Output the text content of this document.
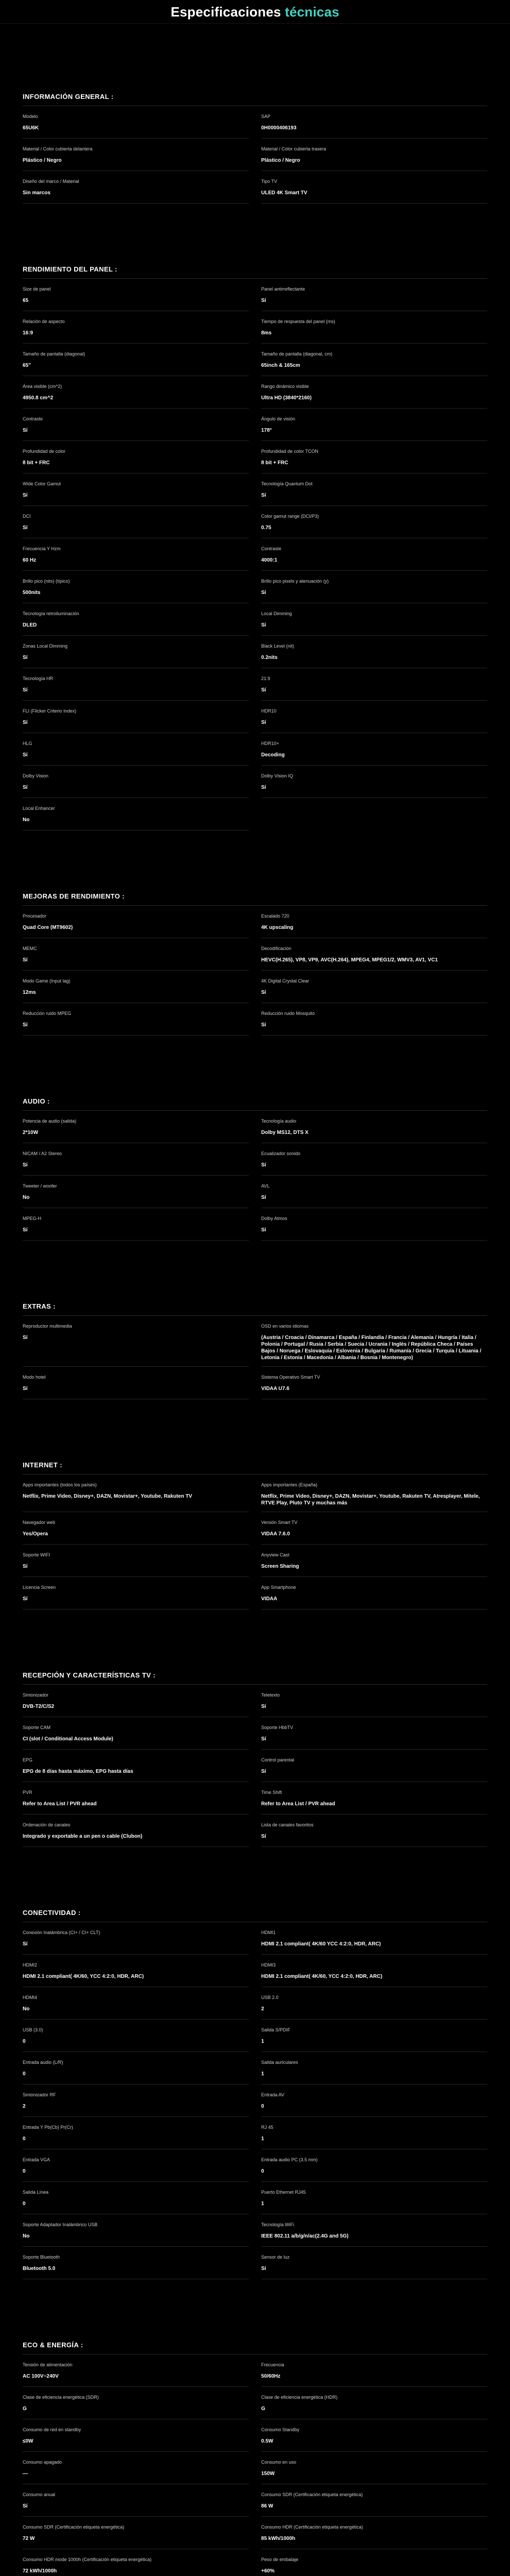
Especificaciones técnicas
INFORMACIÓN GENERAL :
Modelo
65U6K
SAP
0H0000406193
Material / Color cubierta delantera
Plástico / Negro
Material / Color cubierta trasera
Plástico / Negro
Diseño del marco / Material
Sin marcos
Tipo TV
ULED 4K Smart TV
RENDIMIENTO DEL PANEL :
Size de panel
65
Panel antirreflectante
Sí
Relación de aspecto
16:9
Tiempo de respuesta del panel (ms)
8ms
Tamaño de pantalla (diagonal)
65"
Tamaño de pantalla (diagonal, cm)
65inch & 165cm
Área visible (cm^2)
4950.8 cm^2
Rango dinámico visible
Ultra HD (3840*2160)
Contraste
Sí
Ángulo de visión
178°
Profundidad de color
8 bit + FRC
Profundidad de color TCON
8 bit + FRC
Wide Color Gamut
Sí
Tecnología Quantum Dot
Sí
DCI
Sí
Color gamut range (DCI/P3)
0.75
Frecuencia Y Hzm
60 Hz
Contraste
4000:1
Brillo pico (nits) (típico)
500nits
Brillo pico pixels y atenuación (y)
Sí
Tecnología retroiluminación
DLED
Local Dimming
Sí
Zonas Local Dimming
Sí
Black Level (nit)
0.2nits
Tecnología HR
Sí
21:9
Sí
FLI (Flicker Criterio Index)
Sí
HDR10
Sí
HLG
Sí
HDR10+
Decoding
Dolby Vision
Sí
Dolby Vision IQ
Sí
Local Enhancer
No
MEJORAS DE RENDIMIENTO :
Procesador
Quad Core (MT9602)
Escalado 720
4K upscaling
MEMC
Sí
Decodificación
HEVC(H.265), VP8, VP9, AVC(H.264), MPEG4, MPEG1/2, WMV3, AV1, VC1
Modo Game (Input lag)
12ms
4K Digital Crystal Clear
Sí
Reducción ruido MPEG
Sí
Reducción ruido Mosquito
Sí
AUDIO :
Potencia de audio (salida)
2*10W
Tecnología audio
Dolby MS12, DTS X
NICAM / A2 Stereo
Sí
Ecualizador sonido
Sí
Tweeter / woofer
No
AVL
Sí
MPEG-H
Sí
Dolby Atmos
Sí
EXTRAS :
Reproductor multimedia
Sí
OSD en varios idiomas
(Austria / Croacia / Dinamarca / España / Finlandia / Francia / Alemania / Hungría / Italia / Polonia / Portugal / Rusia / Serbia / Suecia / Ucrania / Inglés / República Checa / Países Bajos / Noruega / Eslovaquia / Eslovenia / Bulgaria / Rumanía / Grecia / Turquía / Lituania / Letonia / Estonia / Macedonia / Albania / Bosnia / Montenegro)
Modo hotel
Sí
Sistema Operativo Smart TV
VIDAA U7.6
INTERNET :
Apps importantes (todos los países)
Netflix, Prime Video, Disney+, DAZN, Movistar+, Youtube, Rakuten TV
Apps importantes (España)
Netflix, Prime Video, Disney+, DAZN, Movistar+, Youtube, Rakuten TV, Atresplayer, Mitele, RTVE Play, Pluto TV y muchas más
Navegador web
Yes/Opera
Versión Smart TV
VIDAA 7.6.0
Soporte WIFI
Sí
Anyview Cast
Screen Sharing
Licencia Screen
Sí
App Smartphone
VIDAA
RECEPCIÓN Y CARACTERÍSTICAS TV :
Sintonizador
DVB-T2/C/S2
Teletexto
Sí
Soporte CAM
CI (slot / Conditional Access Module)
Soporte HbbTV
Sí
EPG
EPG de 8 días hasta máximo, EPG hasta días
Control parental
Sí
PVR
Refer to Area List / PVR ahead
Time Shift
Refer to Area List / PVR ahead
Ordenación de canales
Integrado y exportable a un pen o cable (Clubon)
Lista de canales favoritos
Sí
CONECTIVIDAD :
Conexión Inalámbrica (CI+ / CI+ CLT)
Sí
HDMI1
HDMI 2.1 compliant( 4K/60 YCC 4:2:0, HDR, ARC)
HDMI2
HDMI 2.1 compliant( 4K/60, YCC 4:2:0, HDR, ARC)
HDMI3
HDMI 2.1 compliant( 4K/60, YCC 4:2:0, HDR, ARC)
HDMI4
No
USB 2.0
2
USB (3.0)
0
Salida S/PDIF
1
Entrada audio (L/R)
0
Salida auriculares
1
Sintonizador RF
2
Entrada AV
0
Entrada Y Pb(Cb) Pr(Cr)
0
RJ 45
1
Entrada VGA
0
Entrada audio PC (3.5 mm)
0
Salida Línea
0
Puerto Ethernet RJ45
1
Soporte Adaptador Inalámbrico USB
No
Tecnología WiFi
IEEE 802.11 a/b/g/n/ac(2.4G and 5G)
Soporte Bluetooth
Bluetooth 5.0
Sensor de luz
Sí
ECO & ENERGÍA :
Tensión de alimentación
AC 100V~240V
Frecuencia
50/60Hz
Clase de eficiencia energética (SDR)
G
Clase de eficiencia energética (HDR)
G
Consumo de red en standby
≤0W
Consumo Standby
0.5W
Consumo apagado
—
Consumo en uso
150W
Consumo anual
Sí
Consumo SDR (Certificación etiqueta energética)
86 W
Consumo SDR (Certificación etiqueta energética)
72 W
Consumo HDR (Certificación etiqueta energética)
85 kWh/1000h
Consumo HDR mode 1000h (Certificación etiqueta energética)
72 kWh/1000h
Peso de embalaje
+60%
